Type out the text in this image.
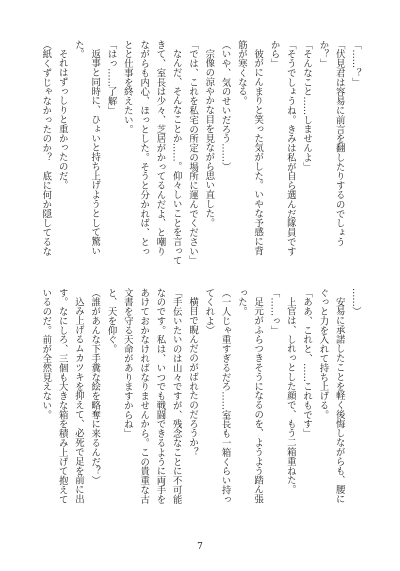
「……？」
「伏見君は容易に前言を翻したりするのでしょう
か？」
「そんなこと……しませんよ」
「そうでしょうね。きみは私が自ら選んだ隊員です
から」
彼がにんまりと笑った気がした。いやな予感に背
筋が寒くなる。
（いや、気のせいだろう……）
宗像の涼やかな目を見ながら思い直した。
「では、これを私宅の所定の場所に運んでください」
なんだ、そんなことか……。仰々しいことを言って
きて、室長は少々、芝居がかってるんだよ、と嘲り
ながらも内心、ほっとした。そうと分かれば、とっ
とと仕事を終えたい。
「はっ……了解」
返事と同時に、ひょいと持ち上げようとして驚い
た。
それはずっしりと重かったのだ。
（紙くずじゃなかったのか？　底に何か隠してるな
……）
安易に承諾したことを軽く後悔しながらも、腰に
ぐっと力を入れて持ち上げる。
「ああ、これと、……これもです」
上官は、しれっとした顔で、もう二箱重ねた。
「……っ」
足元がふらつきそうになるのを、ようよう踏ん張
った。
（一人じゃ重すぎるだろ……室長も一箱くらい持っ
てくれよ）
横目で睨んだのがばれたのだろうか？
「手伝いたいのは山々ですが、残念なことに不可能
なのです。私は、いつでも戦闘できるように両手を
あけておかなければなりませんから。この貴重な古
文書を守る天命がありますからね」
と、天を仰ぐ。
（誰があんな下手糞な絵を略奪に来るんだ？）
込み上げるムカツキを抑えて、必死で足を前に出
す。なにしろ、三個も大きな箱を積み上げて抱えて
いるのだ。前が全然見えない。
7
